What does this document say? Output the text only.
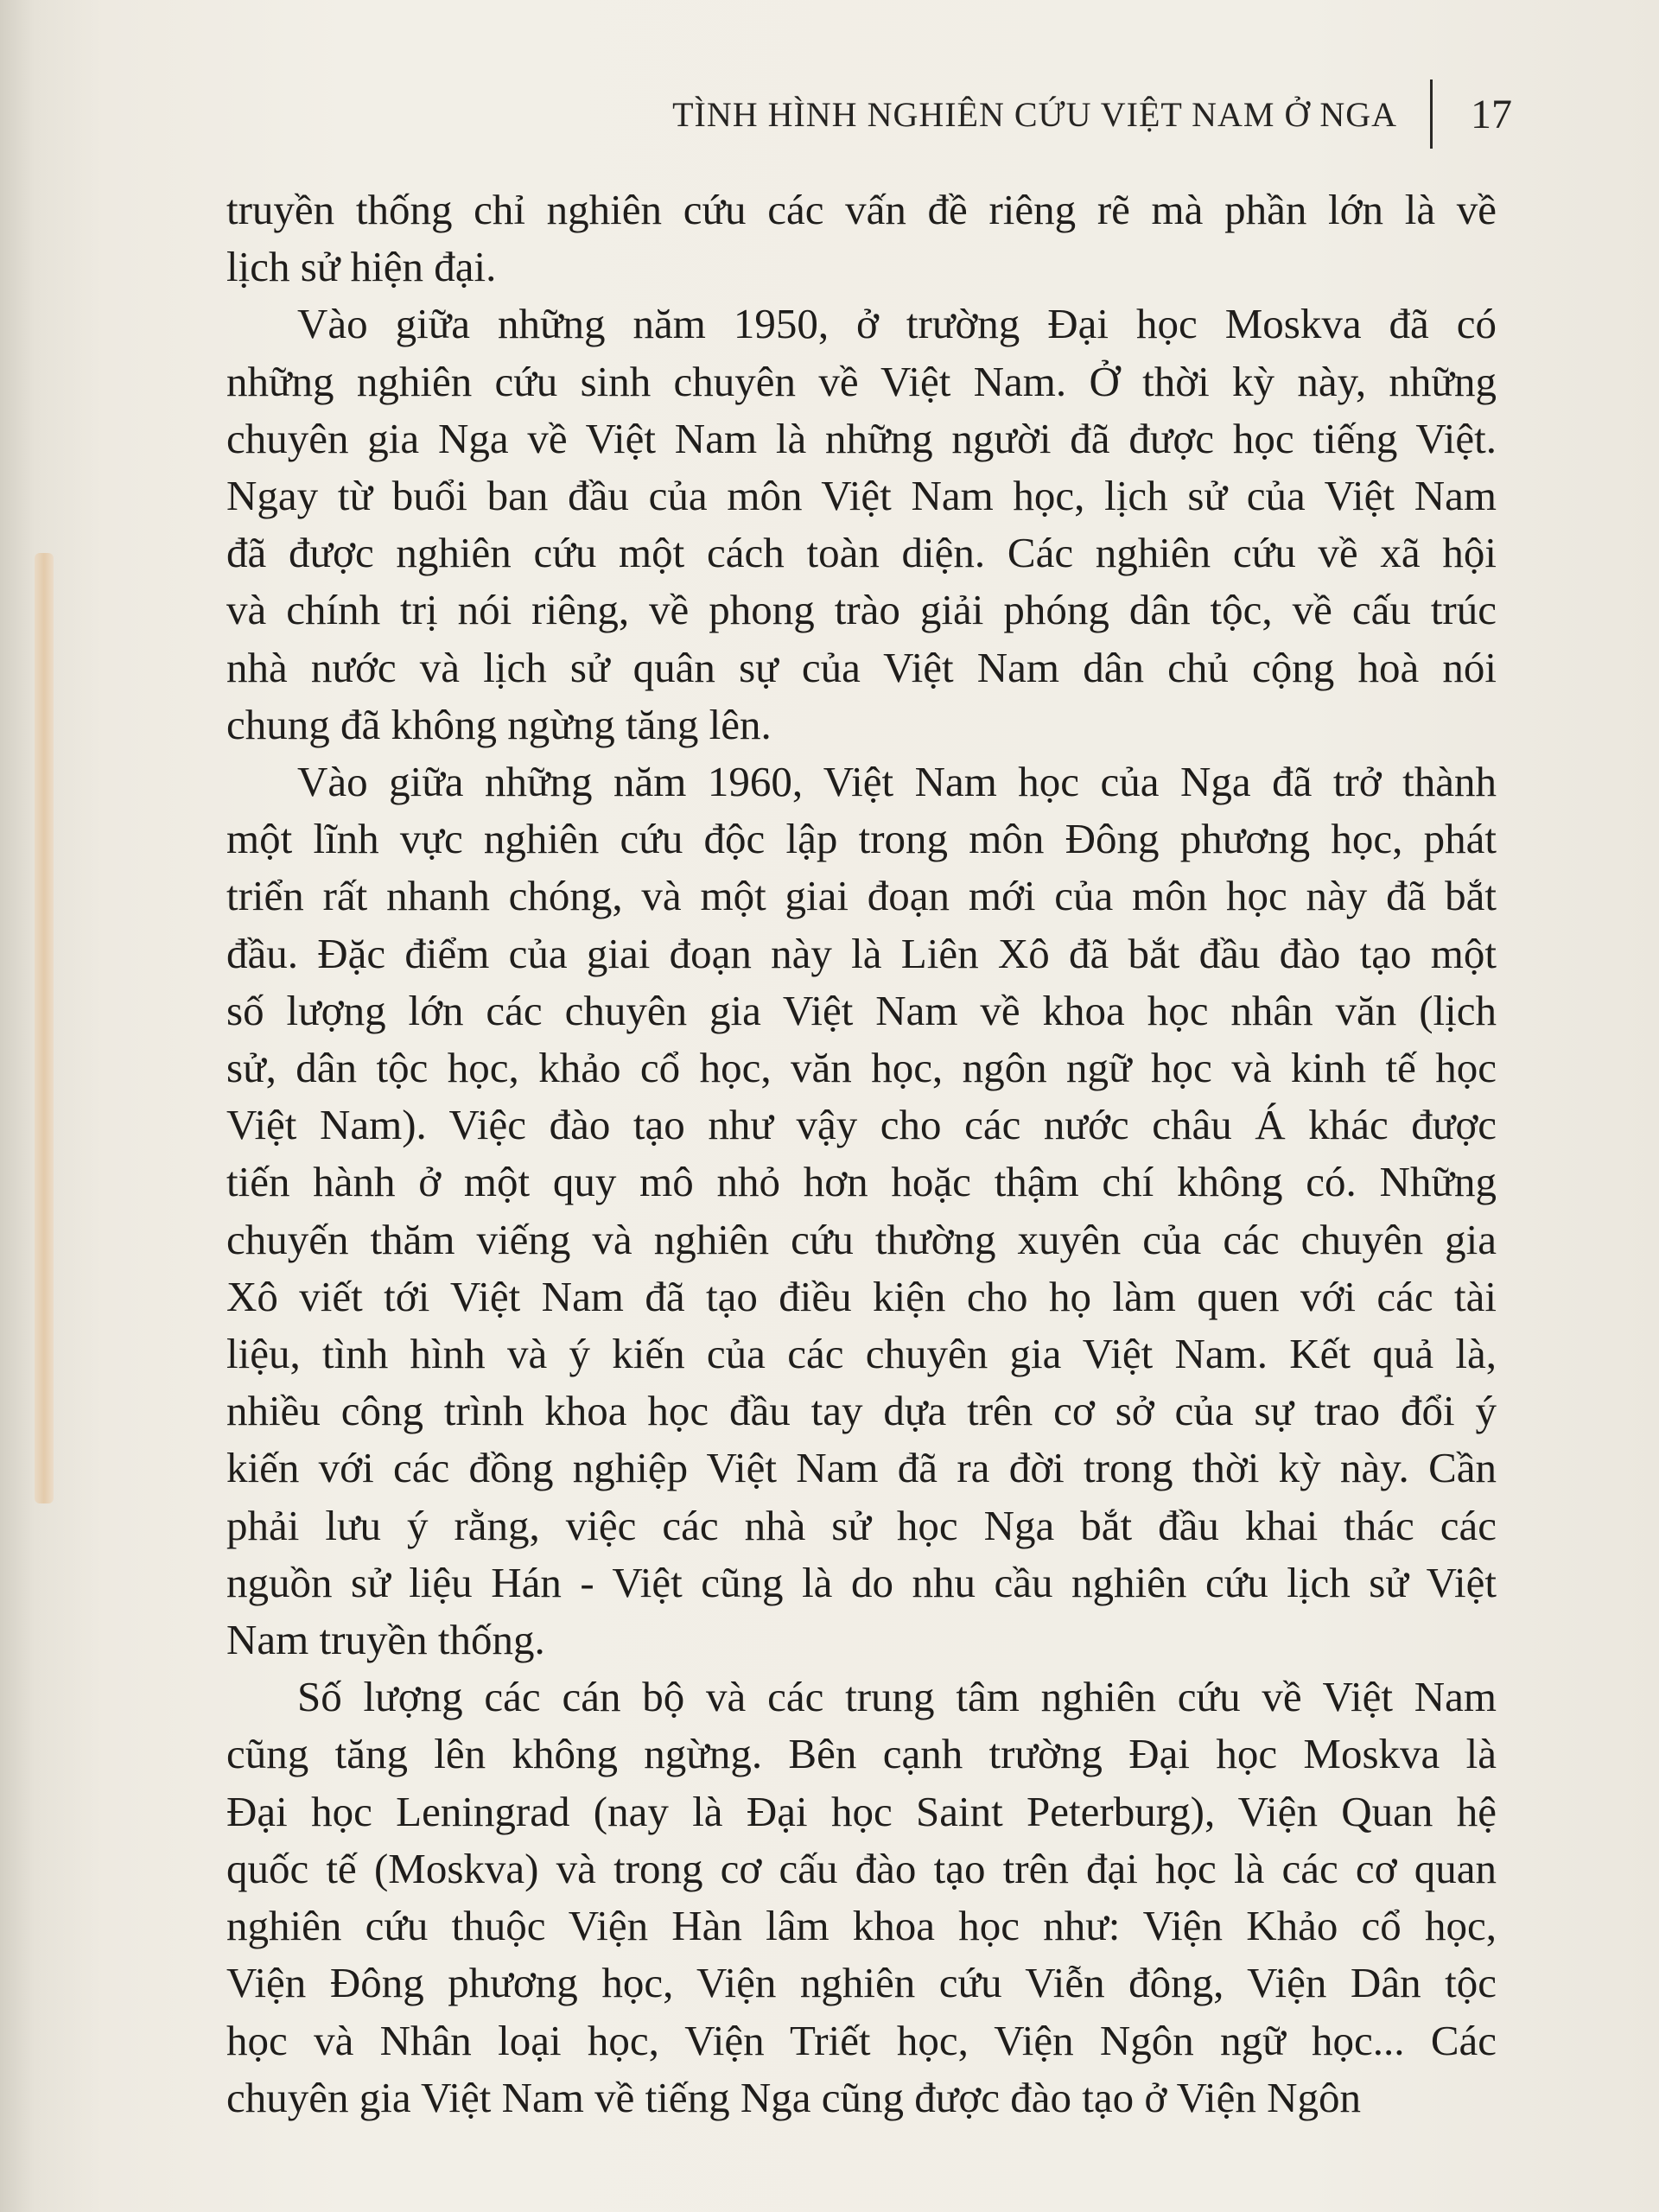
TÌNH HÌNH NGHIÊN CỨU VIỆT NAM Ở NGA 17

truyền thống chỉ nghiên cứu các vấn đề riêng rẽ mà phần lớn là về

lịch sử hiện đại.

Vào giữa những năm 1950, ở trường Đại học Moskva đã có

những nghiên cứu sinh chuyên về Việt Nam. Ở thời kỳ này, những

chuyên gia Nga về Việt Nam là những người đã được học tiếng Việt.

Ngay từ buổi ban đầu của môn Việt Nam học, lịch sử của Việt Nam

đã được nghiên cứu một cách toàn diện. Các nghiên cứu về xã hội

và chính trị nói riêng, về phong trào giải phóng dân tộc, về cấu trúc

nhà nước và lịch sử quân sự của Việt Nam dân chủ cộng hoà nói

chung đã không ngừng tăng lên.

Vào giữa những năm 1960, Việt Nam học của Nga đã trở thành

một lĩnh vực nghiên cứu độc lập trong môn Đông phương học, phát

triển rất nhanh chóng, và một giai đoạn mới của môn học này đã bắt

đầu. Đặc điểm của giai đoạn này là Liên Xô đã bắt đầu đào tạo một

số lượng lớn các chuyên gia Việt Nam về khoa học nhân văn (lịch

sử, dân tộc học, khảo cổ học, văn học, ngôn ngữ học và kinh tế học

Việt Nam). Việc đào tạo như vậy cho các nước châu Á khác được

tiến hành ở một quy mô nhỏ hơn hoặc thậm chí không có. Những

chuyến thăm viếng và nghiên cứu thường xuyên của các chuyên gia

Xô viết tới Việt Nam đã tạo điều kiện cho họ làm quen với các tài

liệu, tình hình và ý kiến của các chuyên gia Việt Nam. Kết quả là,

nhiều công trình khoa học đầu tay dựa trên cơ sở của sự trao đổi ý

kiến với các đồng nghiệp Việt Nam đã ra đời trong thời kỳ này. Cần

phải lưu ý rằng, việc các nhà sử học Nga bắt đầu khai thác các

nguồn sử liệu Hán - Việt cũng là do nhu cầu nghiên cứu lịch sử Việt

Nam truyền thống.

Số lượng các cán bộ và các trung tâm nghiên cứu về Việt Nam

cũng tăng lên không ngừng. Bên cạnh trường Đại học Moskva là

Đại học Leningrad (nay là Đại học Saint Peterburg), Viện Quan hệ

quốc tế (Moskva) và trong cơ cấu đào tạo trên đại học là các cơ quan

nghiên cứu thuộc Viện Hàn lâm khoa học như: Viện Khảo cổ học,

Viện Đông phương học, Viện nghiên cứu Viễn đông, Viện Dân tộc

học và Nhân loại học, Viện Triết học, Viện Ngôn ngữ học... Các

chuyên gia Việt Nam về tiếng Nga cũng được đào tạo ở Viện Ngôn
